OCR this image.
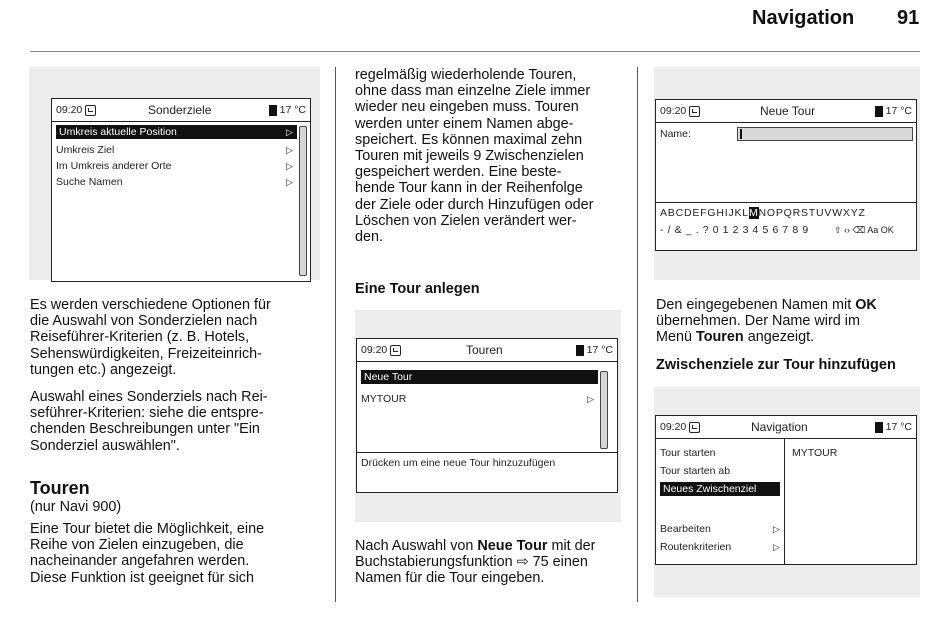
Navigation 91
09:20	Sonderziele	17 °C
Umkreis aktuelle Position	▷
Umkreis Ziel	▷
Im Umkreis anderer Orte	▷
Suche Namen	▷

Es werden verschiedene Optionen für

die Auswahl von Sonderzielen nach

Reiseführer-Kriterien (z. B. Hotels,

Sehenswürdigkeiten, Freizeiteinrich-

tungen etc.) angezeigt.

Auswahl eines Sonderziels nach Rei-

seführer-Kriterien: siehe die entspre-

chenden Beschreibungen unter "Ein

Sonderziel auswählen".

Touren
(nur Navi 900)

Eine Tour bietet die Möglichkeit, eine

Reihe von Zielen einzugeben, die

nacheinander angefahren werden.

Diese Funktion ist geeignet für sich

regelmäßig wiederholende Touren,

ohne dass man einzelne Ziele immer

wieder neu eingeben muss. Touren

werden unter einem Namen abge-

speichert. Es können maximal zehn

Touren mit jeweils 9 Zwischenzielen

gespeichert werden. Eine beste-

hende Tour kann in der Reihenfolge

der Ziele oder durch Hinzufügen oder

Löschen von Zielen verändert wer-

den.

Eine Tour anlegen
09:20	Touren	17 °C
Neue Tour
MYTOUR	▷
Drücken um eine neue Tour hinzuzufügen

Nach Auswahl von Neue Tour mit der

Buchstabierungsfunktion ⇨ 75 einen

Namen für die Tour eingeben.

09:20	Neue Tour	17 °C
Name:
ABCDEFGHIJKLMNOPQRSTUVWXYZ
- / & _ . ? 0 1 2 3 4 5 6 7 8 9	⇧ ‹› ⌫ Aa OK

Den eingegebenen Namen mit OK

übernehmen. Der Name wird im

Menü Touren angezeigt.

Zwischenziele zur Tour hinzufügen
09:20	Navigation	17 °C
Tour starten
Tour starten ab
Neues Zwischenziel
Bearbeiten	▷
Routenkriterien	▷
MYTOUR
